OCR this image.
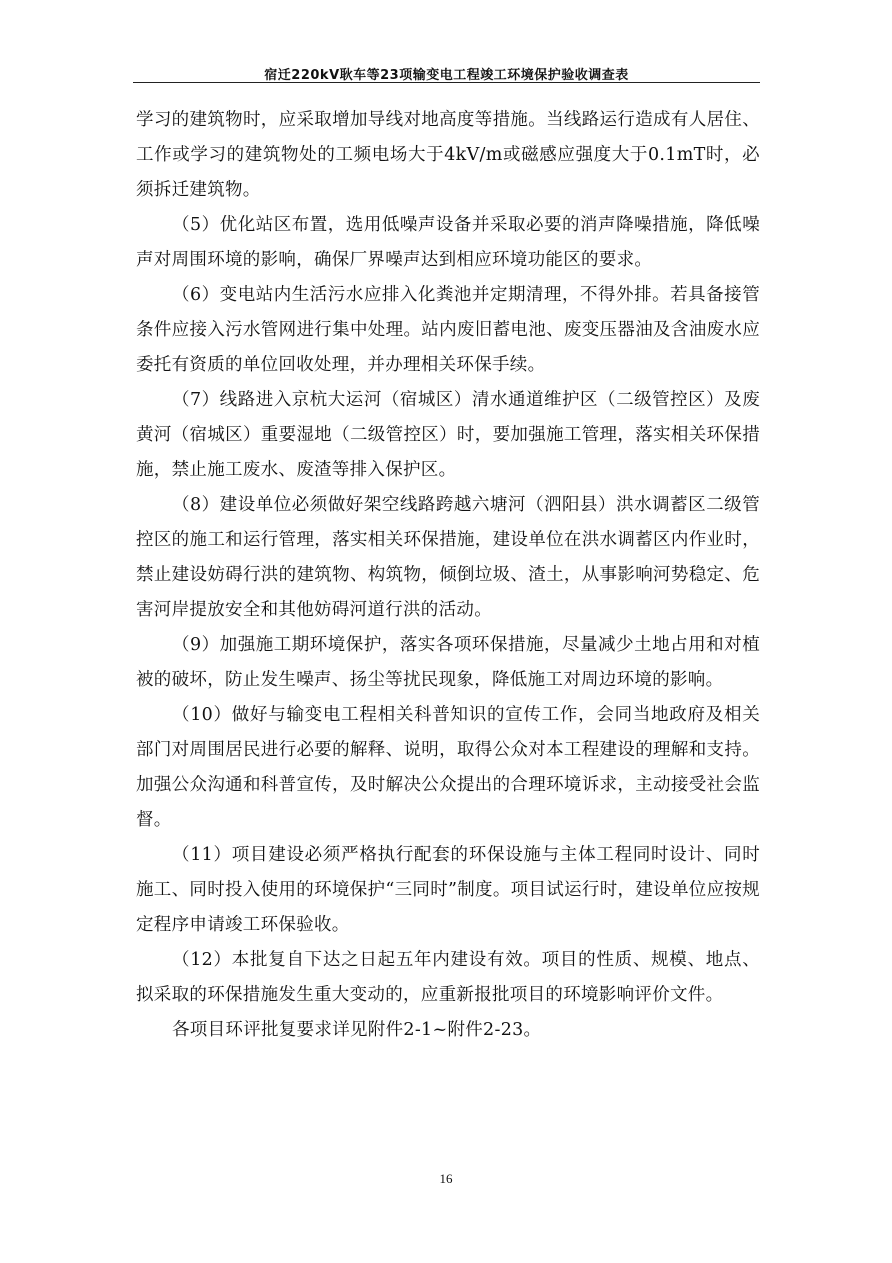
宿迁220kV耿车等23项输变电工程竣工环境保护验收调查表

学习的建筑物时，应采取增加导线对地高度等措施。当线路运行造成有人居住、工作或学习的建筑物处的工频电场大于4kV/m或磁感应强度大于0.1mT时，必须拆迁建筑物。

（5）优化站区布置，选用低噪声设备并采取必要的消声降噪措施，降低噪声对周围环境的影响，确保厂界噪声达到相应环境功能区的要求。

（6）变电站内生活污水应排入化粪池并定期清理，不得外排。若具备接管条件应接入污水管网进行集中处理。站内废旧蓄电池、废变压器油及含油废水应委托有资质的单位回收处理，并办理相关环保手续。

（7）线路进入京杭大运河（宿城区）清水通道维护区（二级管控区）及废黄河（宿城区）重要湿地（二级管控区）时，要加强施工管理，落实相关环保措施，禁止施工废水、废渣等排入保护区。

（8）建设单位必须做好架空线路跨越六塘河（泗阳县）洪水调蓄区二级管控区的施工和运行管理，落实相关环保措施，建设单位在洪水调蓄区内作业时，禁止建设妨碍行洪的建筑物、构筑物，倾倒垃圾、渣土，从事影响河势稳定、危害河岸提放安全和其他妨碍河道行洪的活动。

（9）加强施工期环境保护，落实各项环保措施，尽量减少土地占用和对植被的破坏，防止发生噪声、扬尘等扰民现象，降低施工对周边环境的影响。

（10）做好与输变电工程相关科普知识的宣传工作，会同当地政府及相关部门对周围居民进行必要的解释、说明，取得公众对本工程建设的理解和支持。加强公众沟通和科普宣传，及时解决公众提出的合理环境诉求，主动接受社会监督。

（11）项目建设必须严格执行配套的环保设施与主体工程同时设计、同时施工、同时投入使用的环境保护“三同时”制度。项目试运行时，建设单位应按规定程序申请竣工环保验收。

（12）本批复自下达之日起五年内建设有效。项目的性质、规模、地点、拟采取的环保措施发生重大变动的，应重新报批项目的环境影响评价文件。

各项目环评批复要求详见附件2-1~附件2-23。

16
